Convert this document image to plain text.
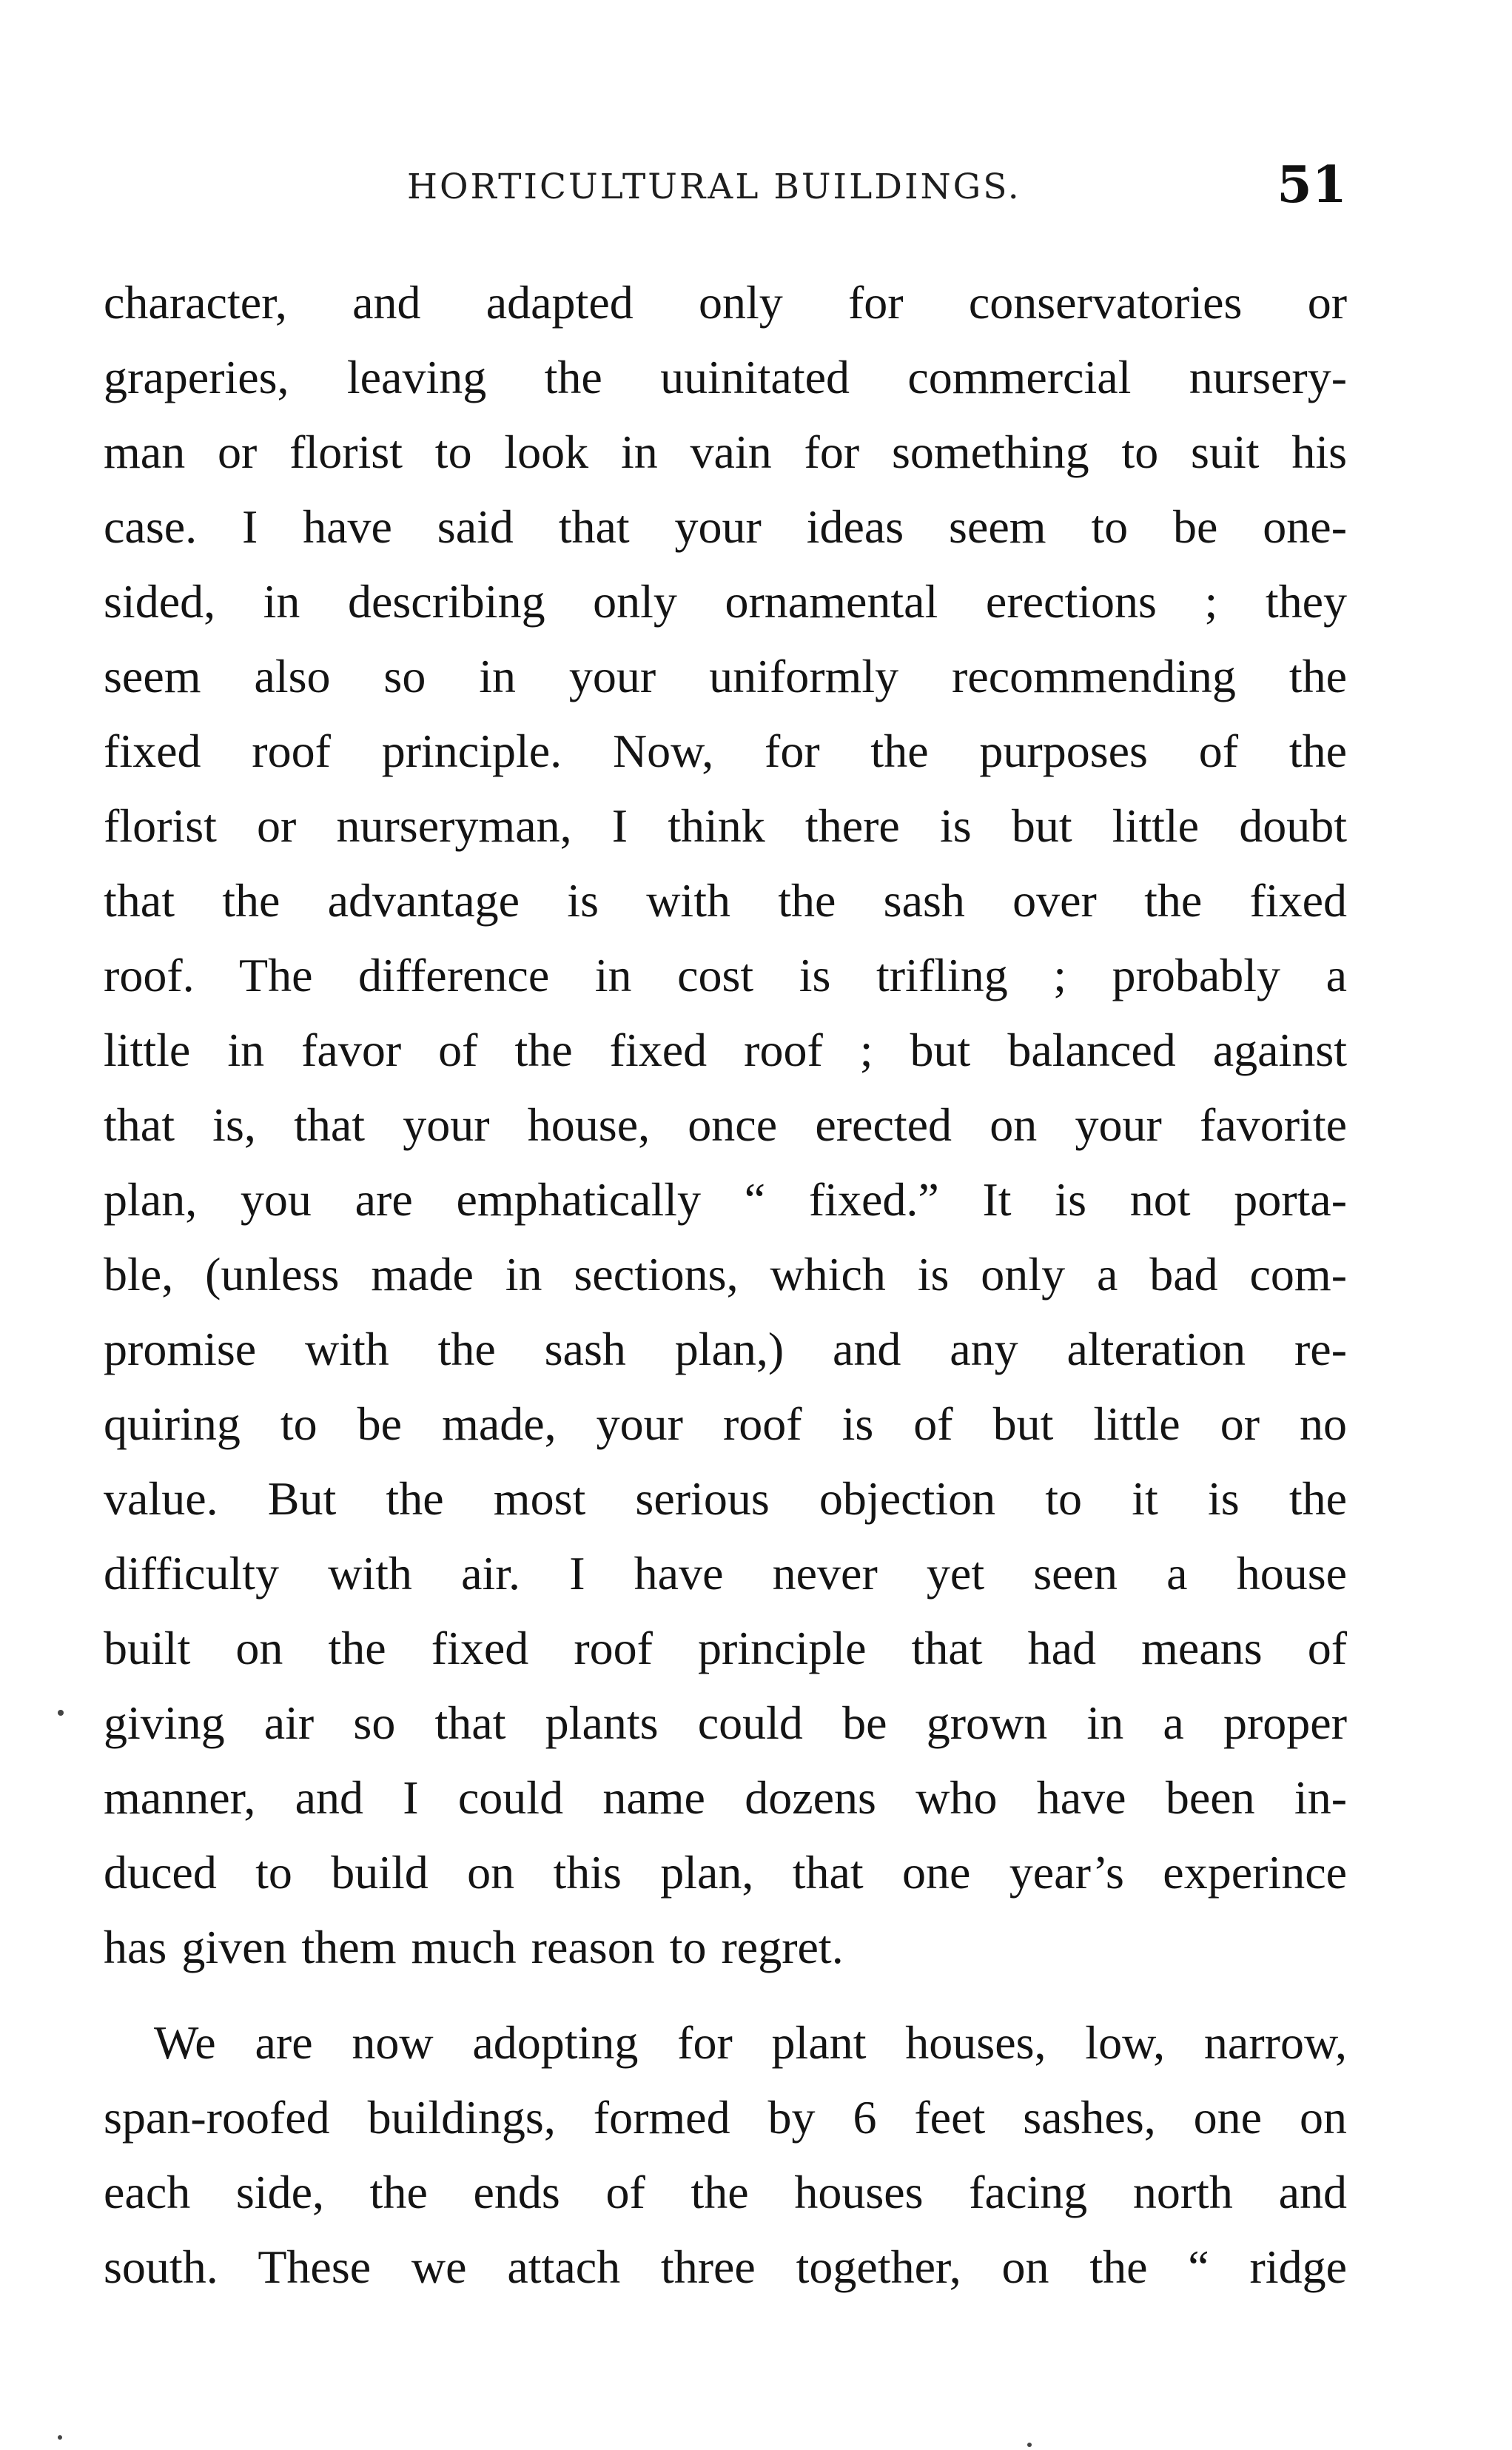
HORTICULTURAL BUILDINGS.	51
character, and adapted only for conservatories or
graperies, leaving the uuinitated commercial nursery-
man or florist to look in vain for something to suit his
case. I have said that your ideas seem to be one-
sided, in describing only ornamental erections ; they
seem also so in your uniformly recommending the
fixed roof principle. Now, for the purposes of the
florist or nurseryman, I think there is but little doubt
that the advantage is with the sash over the fixed
roof. The difference in cost is trifling ; probably a
little in favor of the fixed roof ; but balanced against
that is, that your house, once erected on your favorite
plan, you are emphatically “ fixed.” It is not porta-
ble, (unless made in sections, which is only a bad com-
promise with the sash plan,) and any alteration re-
quiring to be made, your roof is of but little or no
value. But the most serious objection to it is the
difficulty with air. I have never yet seen a house
built on the fixed roof principle that had means of
giving air so that plants could be grown in a proper
manner, and I could name dozens who have been in-
duced to build on this plan, that one year’s experince
has given them much reason to regret.
We are now adopting for plant houses, low, narrow,
span-roofed buildings, formed by 6 feet sashes, one on
each side, the ends of the houses facing north and
south. These we attach three together, on the “ ridge
